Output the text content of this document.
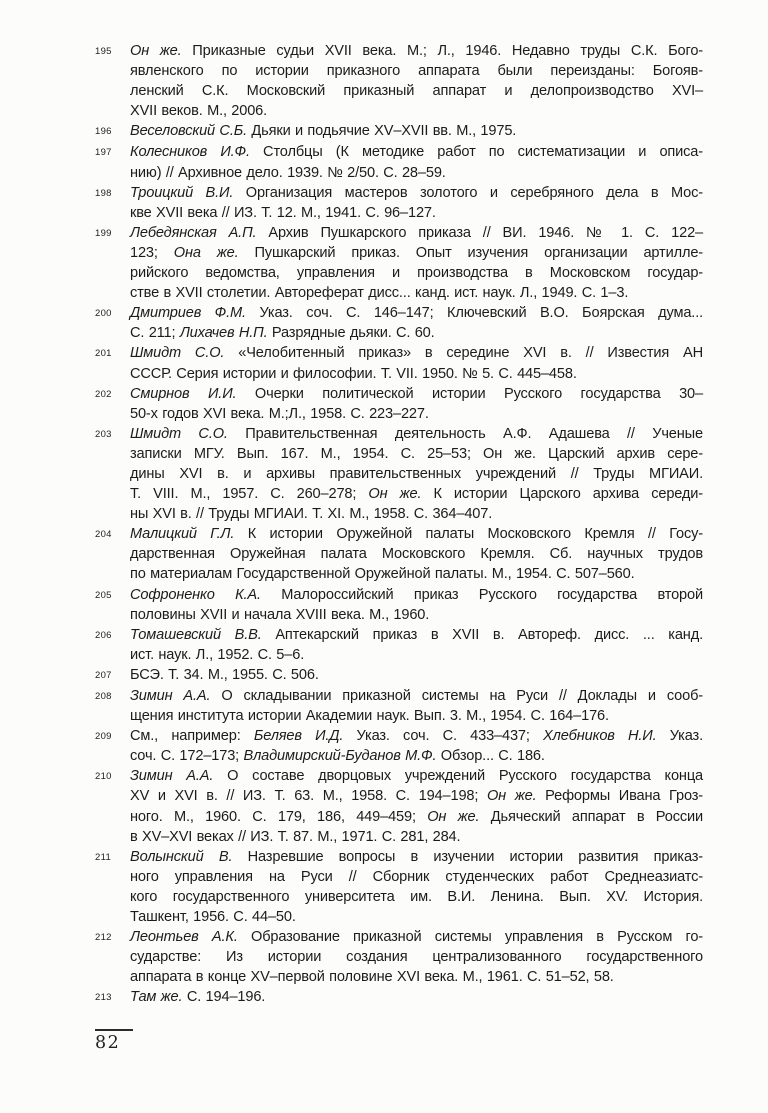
195	Он же. Приказные судьи XVII века. М.; Л., 1946. Недавно труды С.К. Бого-
явленского по истории приказного аппарата были переизданы: Богояв-
ленский С.К. Московский приказный аппарат и делопроизводство XVI–
XVII веков. М., 2006.
196	Веселовский С.Б. Дьяки и подьячие XV–XVII вв. М., 1975.
197	Колесников И.Ф. Столбцы (К методике работ по систематизации и описа-
нию) // Архивное дело. 1939. № 2/50. С. 28–59.
198	Троицкий В.И. Организация мастеров золотого и серебряного дела в Мос-
кве XVII века // ИЗ. Т. 12. М., 1941. С. 96–127.
199	Лебедянская А.П. Архив Пушкарского приказа // ВИ. 1946. № 1. С. 122–
123; Она же. Пушкарский приказ. Опыт изучения организации артилле-
рийского ведомства, управления и производства в Московском государ-
стве в XVII столетии. Автореферат дисс... канд. ист. наук. Л., 1949. С. 1–3.
200	Дмитриев Ф.М. Указ. соч. С. 146–147; Ключевский В.О. Боярская дума...
С. 211; Лихачев Н.П. Разрядные дьяки. С. 60.
201	Шмидт С.О. «Челобитенный приказ» в середине XVI в. // Известия АН
СССР. Серия истории и философии. Т. VII. 1950. № 5. С. 445–458.
202	Смирнов И.И. Очерки политической истории Русского государства 30–
50-х годов XVI века. М.;Л., 1958. С. 223–227.
203	Шмидт С.О. Правительственная деятельность А.Ф. Адашева // Ученые
записки МГУ. Вып. 167. М., 1954. С. 25–53; Он же. Царский архив сере-
дины XVI в. и архивы правительственных учреждений // Труды МГИАИ.
Т. VIII. М., 1957. С. 260–278; Он же. К истории Царского архива середи-
ны XVI в. // Труды МГИАИ. Т. XI. М., 1958. С. 364–407.
204	Малицкий Г.Л. К истории Оружейной палаты Московского Кремля // Госу-
дарственная Оружейная палата Московского Кремля. Сб. научных трудов
по материалам Государственной Оружейной палаты. М., 1954. С. 507–560.
205	Софроненко К.А. Малороссийский приказ Русского государства второй
половины XVII и начала XVIII века. М., 1960.
206	Томашевский В.В. Аптекарский приказ в XVII в. Автореф. дисс. ... канд.
ист. наук. Л., 1952. С. 5–6.
207	БСЭ. Т. 34. М., 1955. С. 506.
208	Зимин А.А. О складывании приказной системы на Руси // Доклады и сооб-
щения института истории Академии наук. Вып. 3. М., 1954. С. 164–176.
209	См., например: Беляев И.Д. Указ. соч. С. 433–437; Хлебников Н.И. Указ.
соч. С. 172–173; Владимирский-Буданов М.Ф. Обзор... С. 186.
210	Зимин А.А. О составе дворцовых учреждений Русского государства конца
XV и XVI в. // ИЗ. Т. 63. М., 1958. С. 194–198; Он же. Реформы Ивана Гроз-
ного. М., 1960. С. 179, 186, 449–459; Он же. Дьяческий аппарат в России
в XV–XVI веках // ИЗ. Т. 87. М., 1971. С. 281, 284.
211	Волынский В. Назревшие вопросы в изучении истории развития приказ-
ного управления на Руси // Сборник студенческих работ Среднеазиатс-
кого государственного университета им. В.И. Ленина. Вып. XV. История.
Ташкент, 1956. С. 44–50.
212	Леонтьев А.К. Образование приказной системы управления в Русском го-
сударстве: Из истории создания централизованного государственного
аппарата в конце XV–первой половине XVI века. М., 1961. С. 51–52, 58.
213	Там же. С. 194–196.
82
